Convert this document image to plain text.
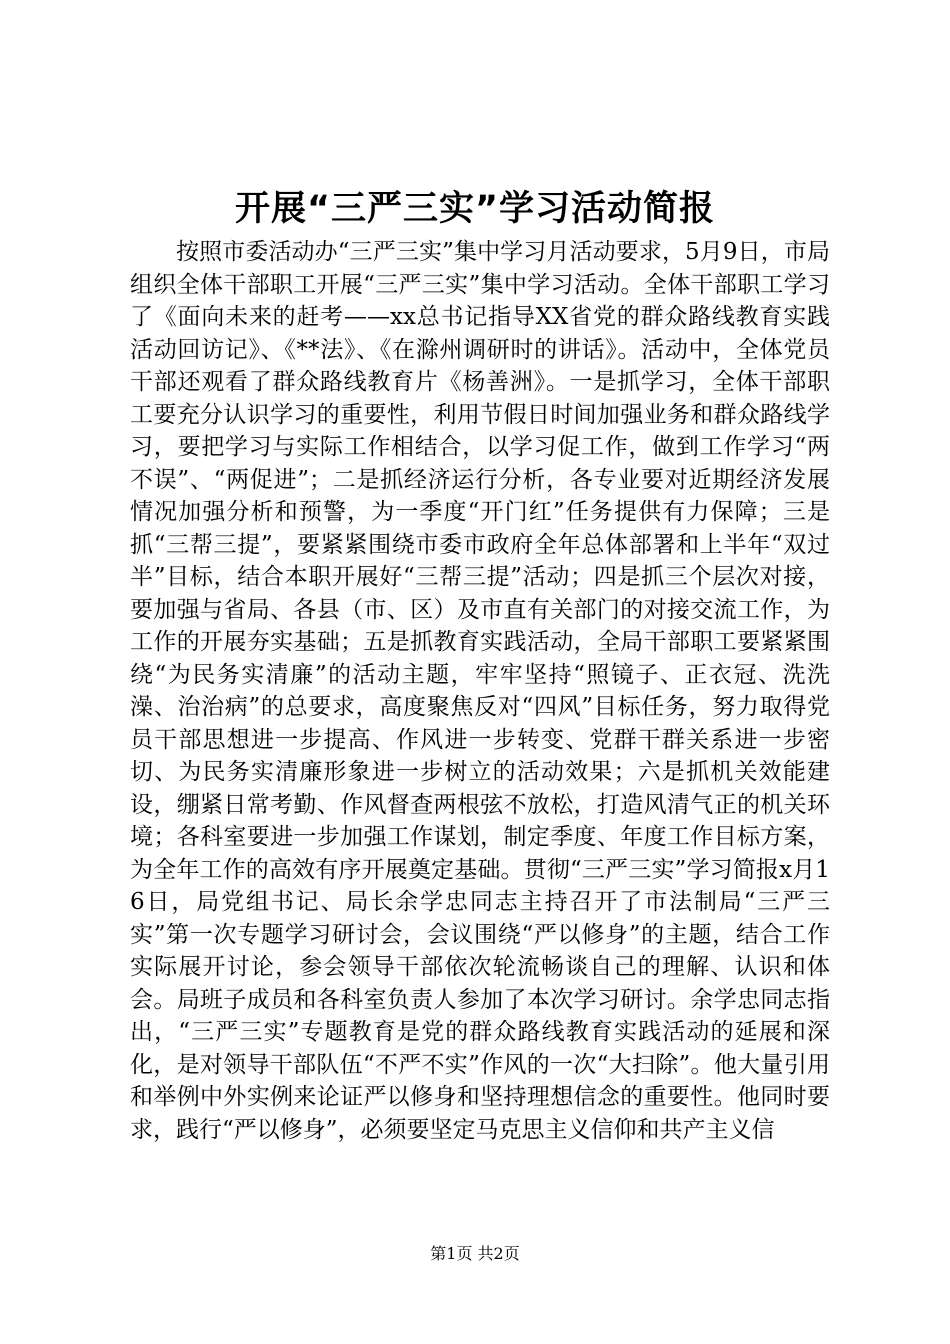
开展“三严三实”学习活动简报

按照市委活动办“三严三实”集中学习月活动要求，5月9日，市局组织全体干部职工开展“三严三实”集中学习活动。全体干部职工学习了《面向未来的赶考——xx总书记指导XX省党的群众路线教育实践活动回访记》、《**法》、《在滁州调研时的讲话》。活动中，全体党员干部还观看了群众路线教育片《杨善洲》。一是抓学习，全体干部职工要充分认识学习的重要性，利用节假日时间加强业务和群众路线学习，要把学习与实际工作相结合，以学习促工作，做到工作学习“两不误”、“两促进”；二是抓经济运行分析，各专业要对近期经济发展情况加强分析和预警，为一季度“开门红”任务提供有力保障；三是抓“三帮三提”，要紧紧围绕市委市政府全年总体部署和上半年“双过半”目标，结合本职开展好“三帮三提”活动；四是抓三个层次对接，要加强与省局、各县（市、区）及市直有关部门的对接交流工作，为工作的开展夯实基础；五是抓教育实践活动，全局干部职工要紧紧围绕“为民务实清廉”的活动主题，牢牢坚持“照镜子、正衣冠、洗洗澡、治治病”的总要求，高度聚焦反对“四风”目标任务，努力取得党员干部思想进一步提高、作风进一步转变、党群干群关系进一步密切、为民务实清廉形象进一步树立的活动效果；六是抓机关效能建设，绷紧日常考勤、作风督查两根弦不放松，打造风清气正的机关环境；各科室要进一步加强工作谋划，制定季度、年度工作目标方案，为全年工作的高效有序开展奠定基础。贯彻“三严三实”学习简报x月16日，局党组书记、局长余学忠同志主持召开了市法制局“三严三实”第一次专题学习研讨会，会议围绕“严以修身”的主题，结合工作实际展开讨论，参会领导干部依次轮流畅谈自己的理解、认识和体会。局班子成员和各科室负责人参加了本次学习研讨。余学忠同志指出，“三严三实”专题教育是党的群众路线教育实践活动的延展和深化，是对领导干部队伍“不严不实”作风的一次“大扫除”。他大量引用和举例中外实例来论证严以修身和坚持理想信念的重要性。他同时要求，践行“严以修身”，必须要坚定马克思主义信仰和共产主义信

第1页 共2页
